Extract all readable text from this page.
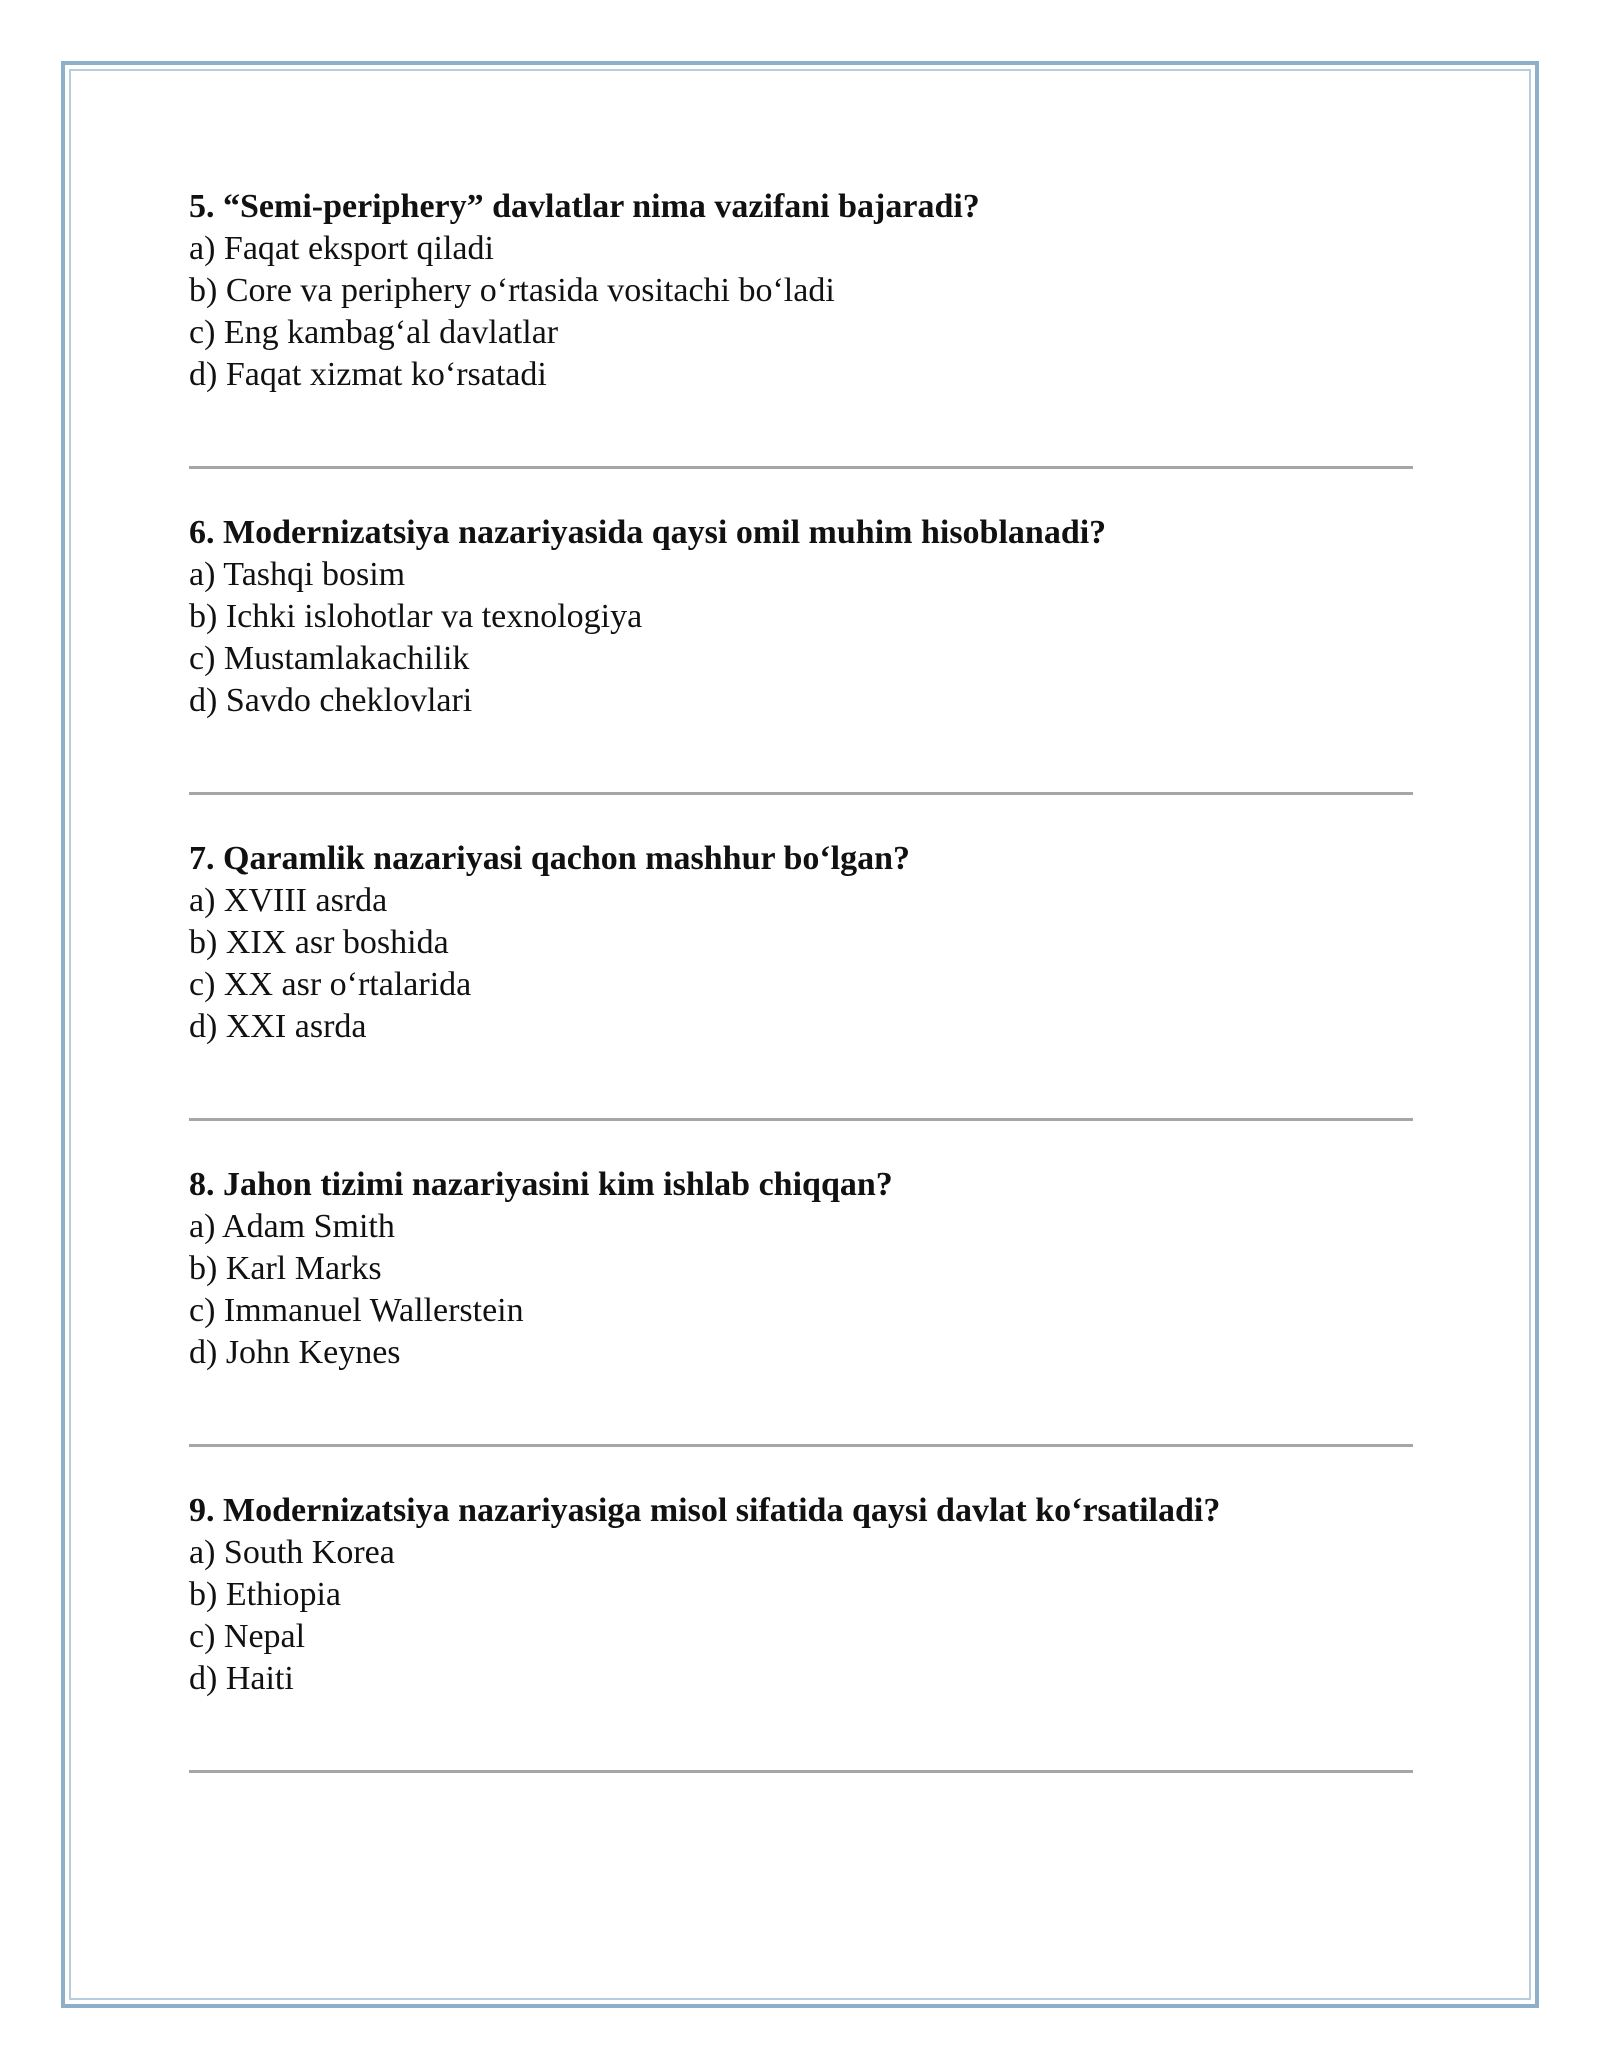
5. “Semi-periphery” davlatlar nima vazifani bajaradi?

a) Faqat eksport qiladi

b) Core va periphery o‘rtasida vositachi bo‘ladi

c) Eng kambag‘al davlatlar

d) Faqat xizmat ko‘rsatadi

6. Modernizatsiya nazariyasida qaysi omil muhim hisoblanadi?

a) Tashqi bosim

b) Ichki islohotlar va texnologiya

c) Mustamlakachilik

d) Savdo cheklovlari

7. Qaramlik nazariyasi qachon mashhur bo‘lgan?

a) XVIII asrda

b) XIX asr boshida

c) XX asr o‘rtalarida

d) XXI asrda

8. Jahon tizimi nazariyasini kim ishlab chiqqan?

a) Adam Smith

b) Karl Marks

c) Immanuel Wallerstein

d) John Keynes

9. Modernizatsiya nazariyasiga misol sifatida qaysi davlat ko‘rsatiladi?

a) South Korea

b) Ethiopia

c) Nepal

d) Haiti
